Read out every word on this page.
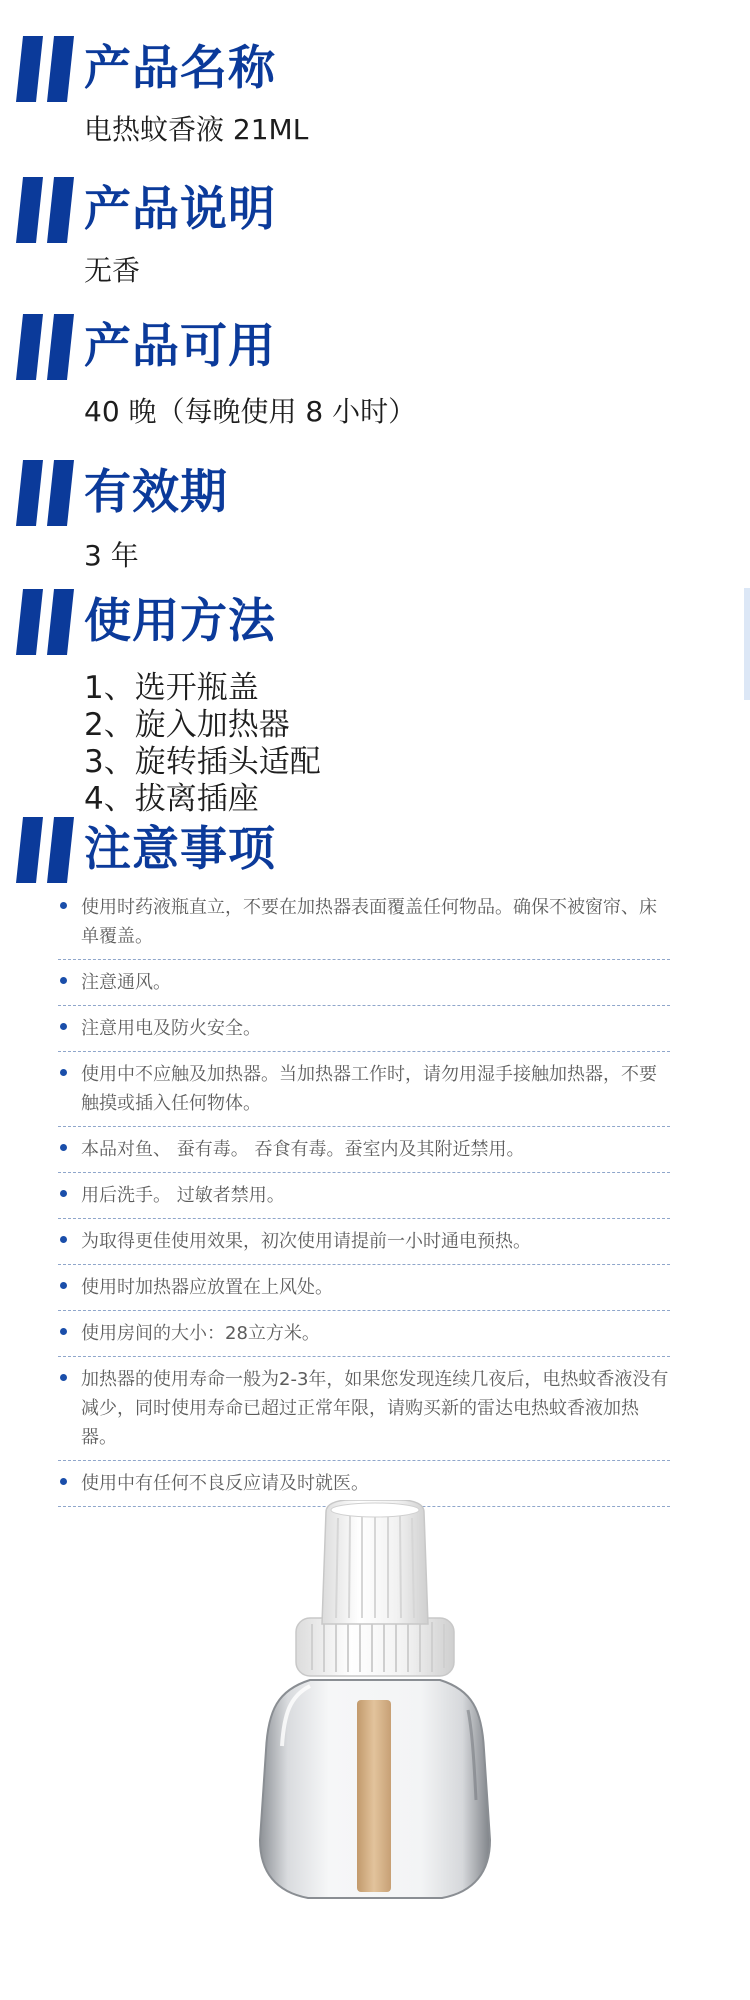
产品名称
电热蚊香液 21ML
产品说明
无香
产品可用
40 晚（每晚使用 8 小时）
有效期
3 年
使用方法
1、选开瓶盖
2、旋入加热器
3、旋转插头适配
4、拔离插座
注意事项
使用时药液瓶直立，不要在加热器表面覆盖任何物品。确保不被窗帘、床单覆盖。
注意通风。
注意用电及防火安全。
使用中不应触及加热器。当加热器工作时，请勿用湿手接触加热器，不要触摸或插入任何物体。
本品对鱼、 蚕有毒。 吞食有毒。蚕室内及其附近禁用。
用后洗手。 过敏者禁用。
为取得更佳使用效果，初次使用请提前一小时通电预热。
使用时加热器应放置在上风处。
使用房间的大小：28立方米。
加热器的使用寿命一般为2-3年，如果您发现连续几夜后，电热蚊香液没有减少，同时使用寿命已超过正常年限，请购买新的雷达电热蚊香液加热器。
使用中有任何不良反应请及时就医。
